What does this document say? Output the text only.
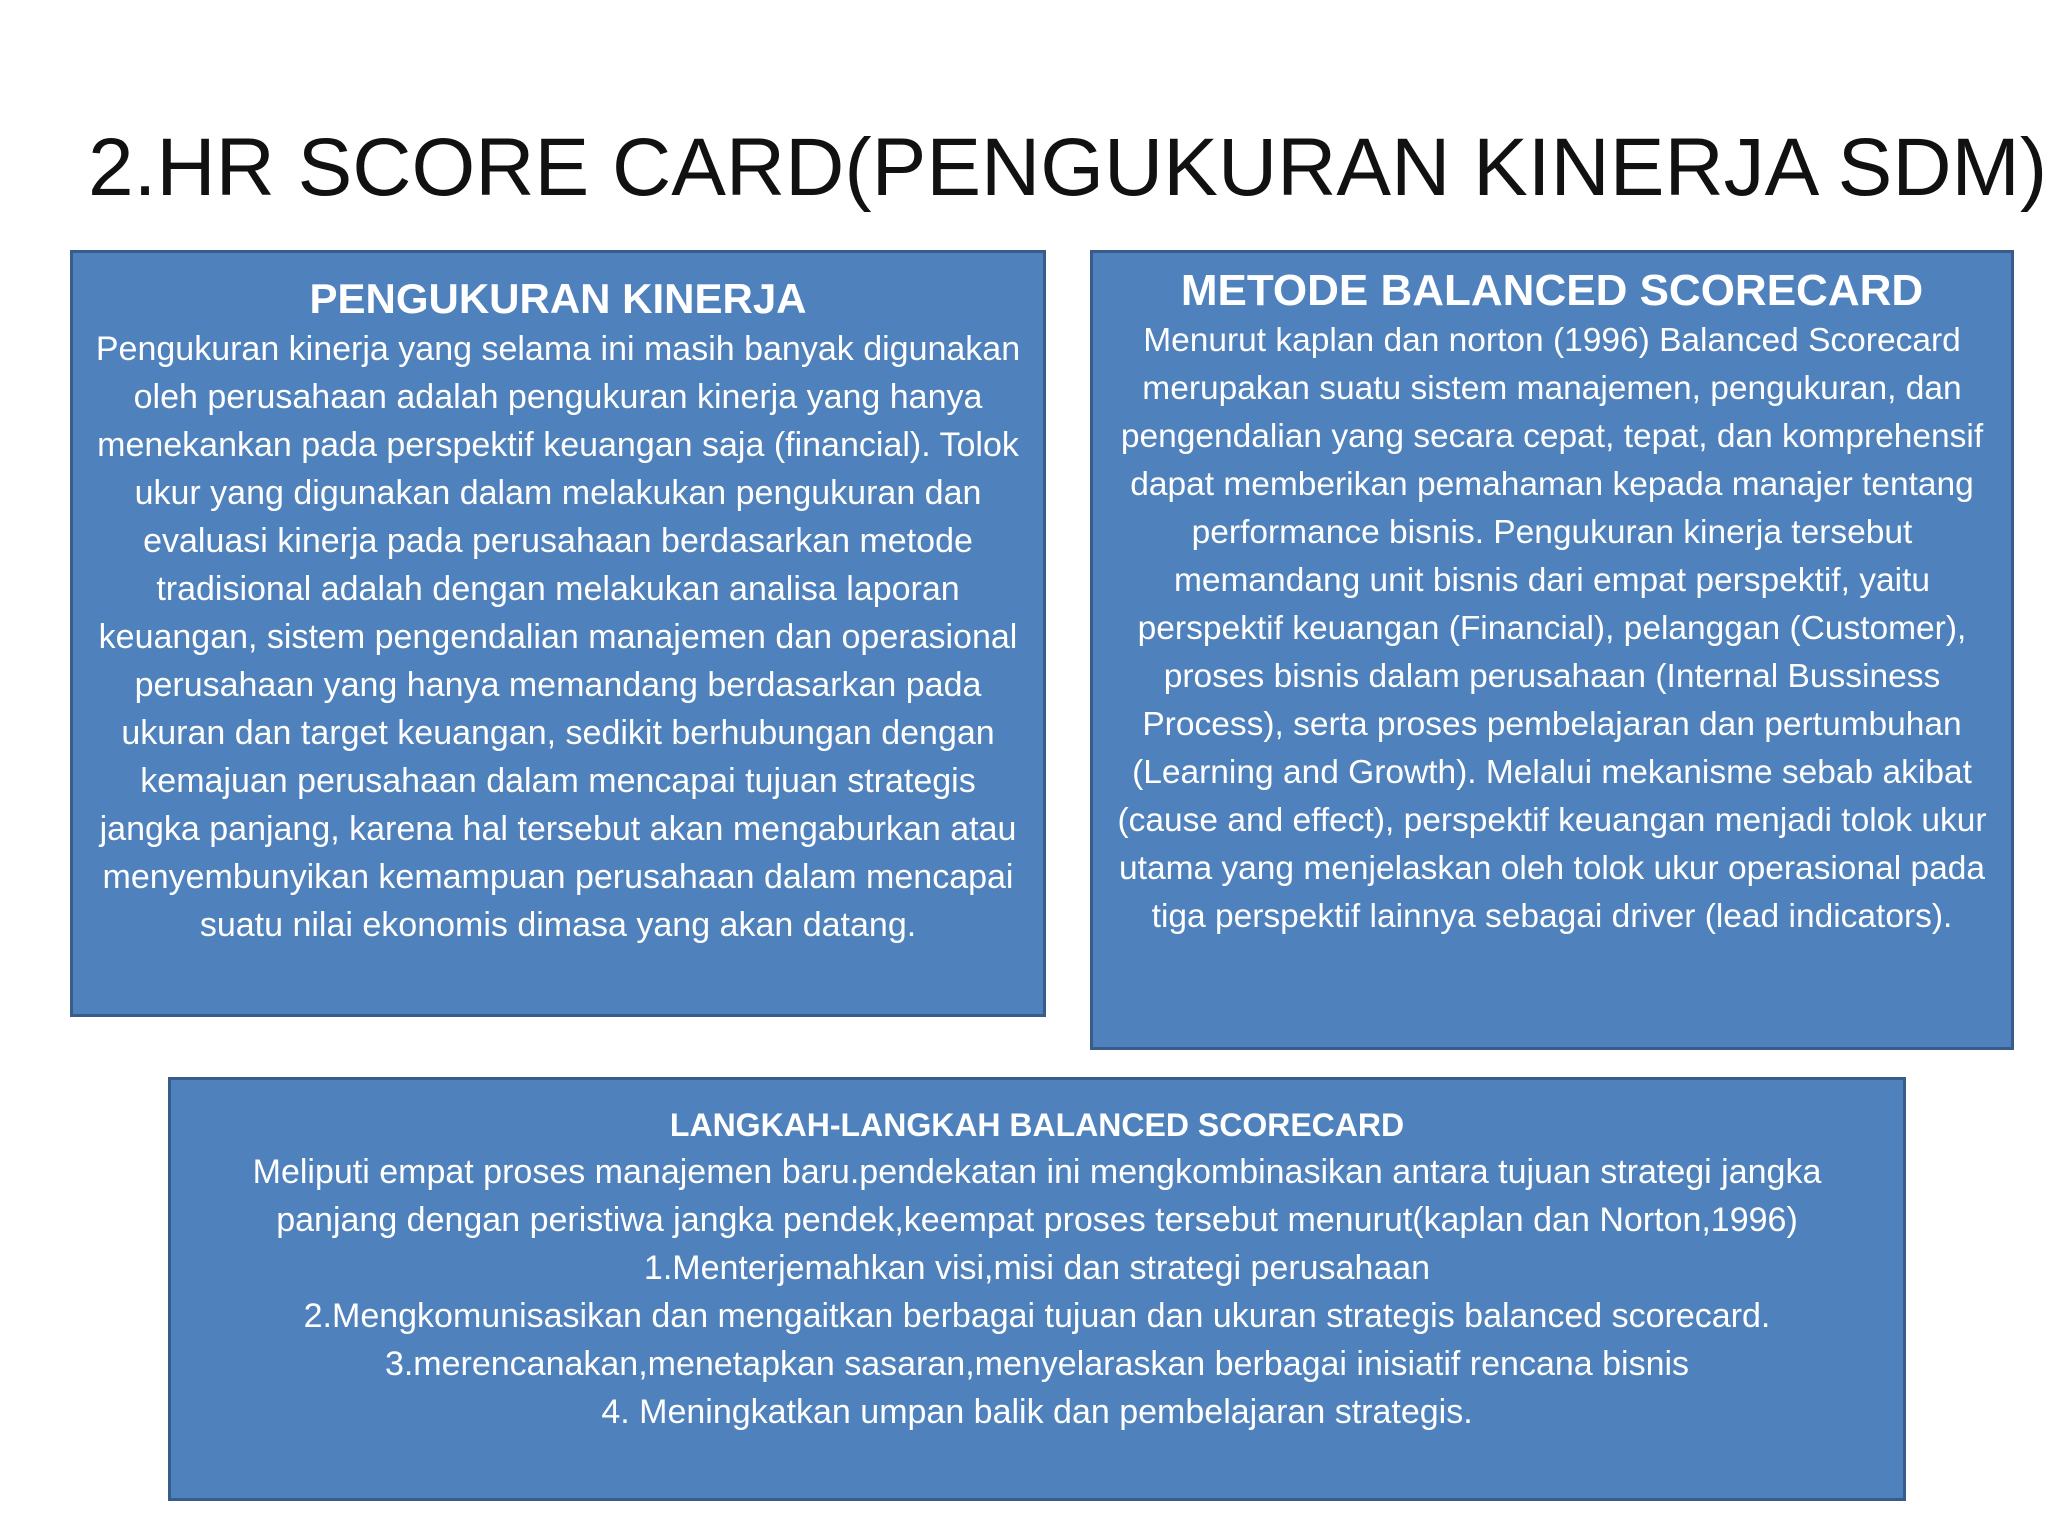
2.HR SCORE CARD(PENGUKURAN KINERJA SDM)
PENGUKURAN KINERJA
Pengukuran kinerja yang selama ini masih banyak digunakan oleh perusahaan adalah pengukuran kinerja yang hanya menekankan pada perspektif keuangan saja (financial). Tolok ukur yang digunakan dalam melakukan pengukuran dan evaluasi kinerja pada perusahaan berdasarkan metode tradisional adalah dengan melakukan analisa laporan keuangan, sistem pengendalian manajemen dan operasional perusahaan yang hanya memandang berdasarkan pada ukuran dan target keuangan, sedikit berhubungan dengan kemajuan perusahaan dalam mencapai tujuan strategis jangka panjang, karena hal tersebut akan mengaburkan atau menyembunyikan kemampuan perusahaan dalam mencapai suatu nilai ekonomis dimasa yang akan datang.
METODE BALANCED SCORECARD
Menurut kaplan dan norton (1996) Balanced Scorecard merupakan suatu sistem manajemen, pengukuran, dan pengendalian yang secara cepat, tepat, dan komprehensif dapat memberikan pemahaman kepada manajer tentang performance bisnis. Pengukuran kinerja tersebut memandang unit bisnis dari empat perspektif, yaitu perspektif keuangan (Financial), pelanggan (Customer), proses bisnis dalam perusahaan (Internal Bussiness Process), serta proses pembelajaran dan pertumbuhan (Learning and Growth). Melalui mekanisme sebab akibat (cause and effect), perspektif keuangan menjadi tolok ukur utama yang menjelaskan oleh tolok ukur operasional pada tiga perspektif lainnya sebagai driver (lead indicators).
LANGKAH-LANGKAH BALANCED SCORECARD
Meliputi empat proses manajemen baru.pendekatan ini mengkombinasikan antara tujuan strategi jangka panjang dengan peristiwa jangka pendek,keempat proses tersebut menurut(kaplan dan Norton,1996)
1.Menterjemahkan visi,misi dan strategi perusahaan
2.Mengkomunisasikan dan mengaitkan berbagai tujuan dan ukuran strategis balanced scorecard.
3.merencanakan,menetapkan sasaran,menyelaraskan berbagai inisiatif rencana bisnis
4. Meningkatkan umpan balik dan pembelajaran strategis.
